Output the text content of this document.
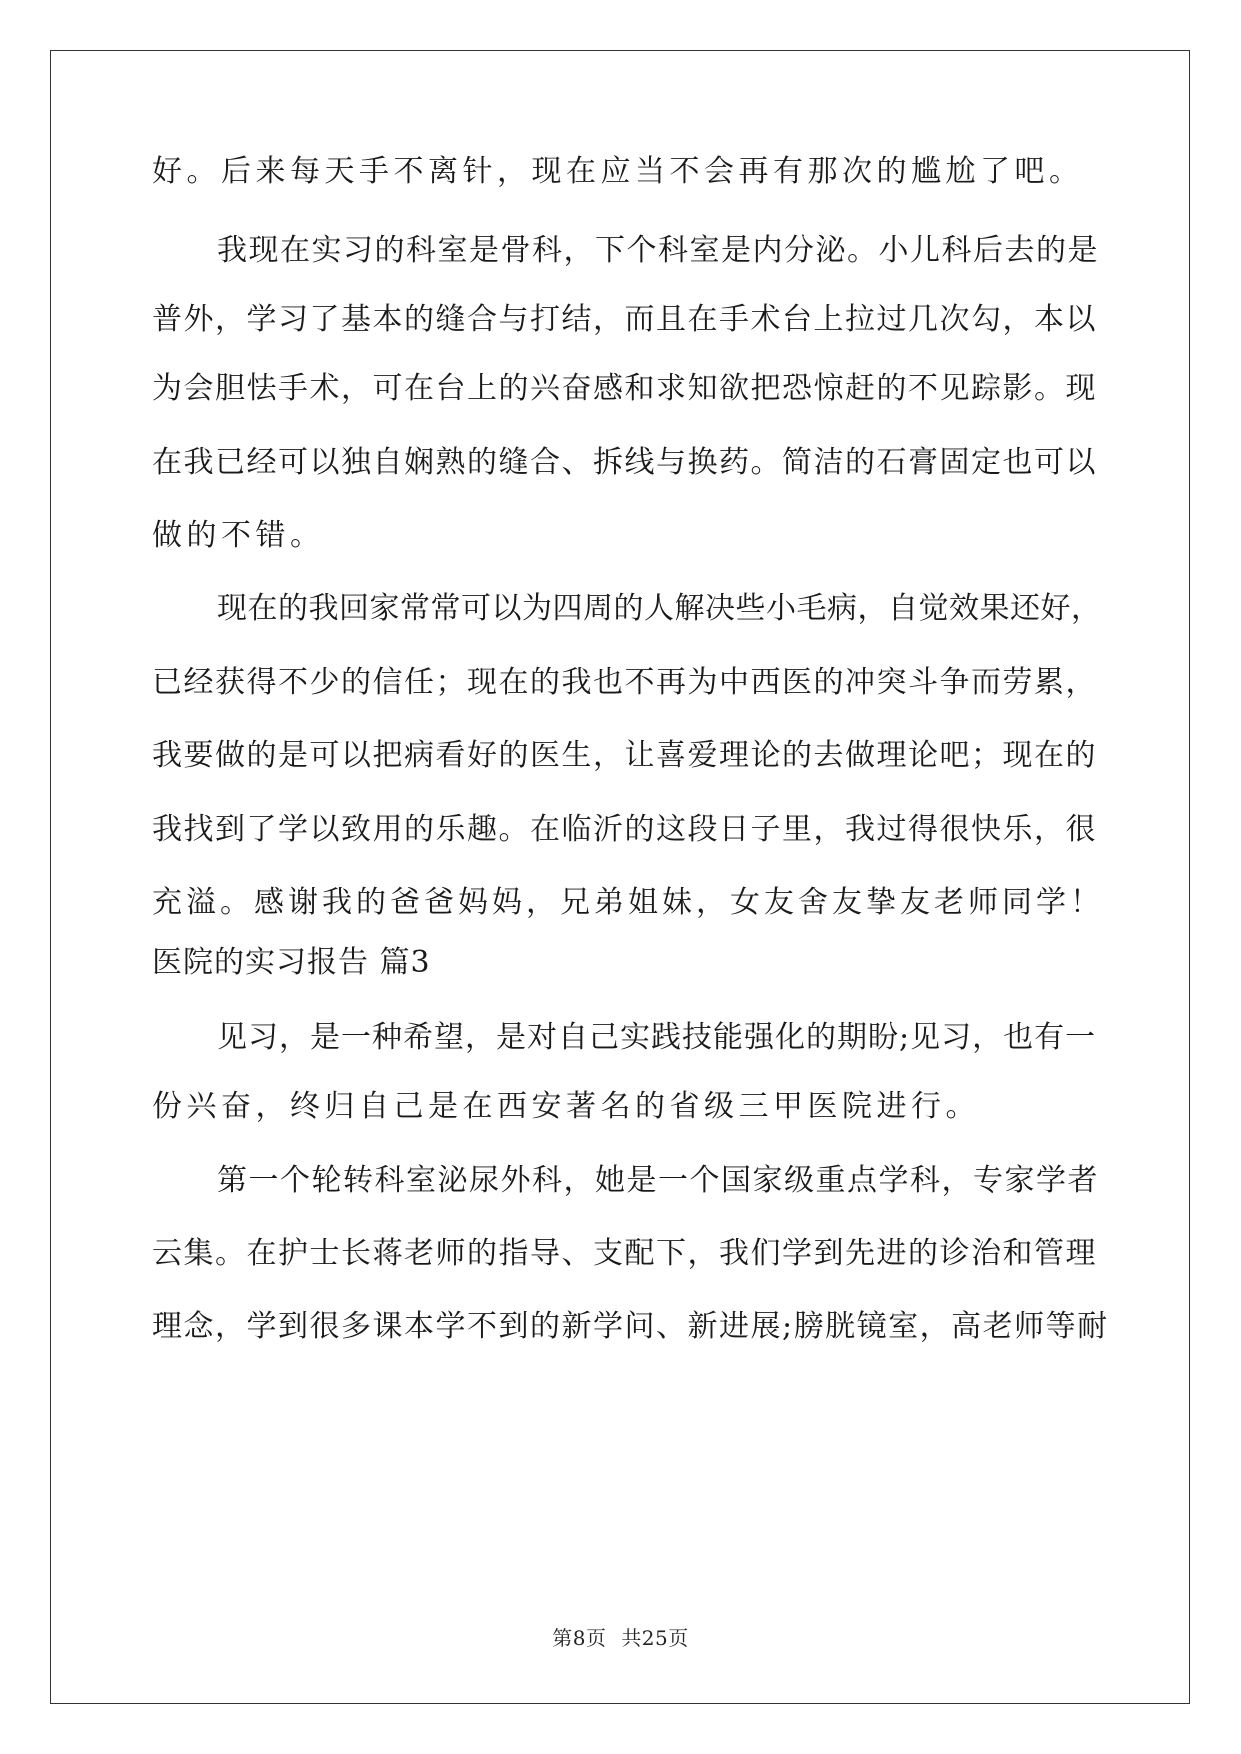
好。后来每天手不离针，现在应当不会再有那次的尴尬了吧。
我现在实习的科室是骨科，下个科室是内分泌。小儿科后去的是
普外，学习了基本的缝合与打结，而且在手术台上拉过几次勾，本以
为会胆怯手术，可在台上的兴奋感和求知欲把恐惊赶的不见踪影。现
在我已经可以独自娴熟的缝合、拆线与换药。简洁的石膏固定也可以
做的不错。
现在的我回家常常可以为四周的人解决些小毛病，自觉效果还好，
已经获得不少的信任；现在的我也不再为中西医的冲突斗争而劳累，
我要做的是可以把病看好的医生，让喜爱理论的去做理论吧；现在的
我找到了学以致用的乐趣。在临沂的这段日子里，我过得很快乐，很
充溢。感谢我的爸爸妈妈，兄弟姐妹，女友舍友挚友老师同学！
医院的实习报告 篇3
见习，是一种希望，是对自己实践技能强化的期盼;见习，也有一
份兴奋，终归自己是在西安著名的省级三甲医院进行。
第一个轮转科室泌尿外科，她是一个国家级重点学科，专家学者
云集。在护士长蒋老师的指导、支配下，我们学到先进的诊治和管理
理念，学到很多课本学不到的新学问、新进展;膀胱镜室，高老师等耐
第8页 共25页
